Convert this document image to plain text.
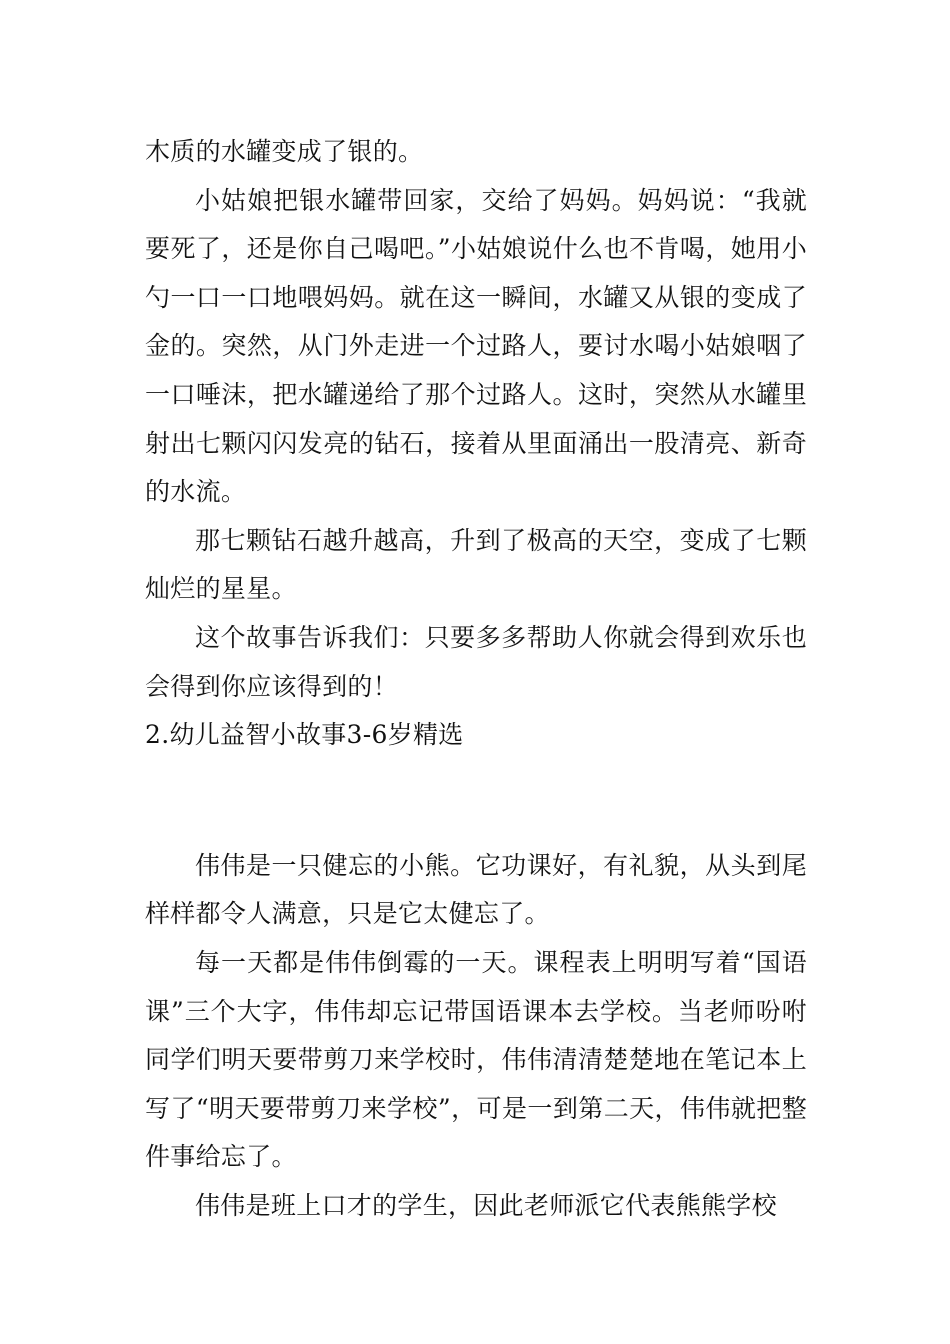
木质的水罐变成了银的。

小姑娘把银水罐带回家，交给了妈妈。妈妈说：“我就要死了，还是你自己喝吧。”小姑娘说什么也不肯喝，她用小勺一口一口地喂妈妈。就在这一瞬间，水罐又从银的变成了金的。突然，从门外走进一个过路人，要讨水喝小姑娘咽了一口唾沫，把水罐递给了那个过路人。这时，突然从水罐里射出七颗闪闪发亮的钻石，接着从里面涌出一股清亮、新奇的水流。

那七颗钻石越升越高，升到了极高的天空，变成了七颗灿烂的星星。

这个故事告诉我们：只要多多帮助人你就会得到欢乐也会得到你应该得到的！

2.幼儿益智小故事3-6岁精选

伟伟是一只健忘的小熊。它功课好，有礼貌，从头到尾样样都令人满意，只是它太健忘了。

每一天都是伟伟倒霉的一天。课程表上明明写着“国语课”三个大字，伟伟却忘记带国语课本去学校。当老师吩咐同学们明天要带剪刀来学校时，伟伟清清楚楚地在笔记本上写了“明天要带剪刀来学校”，可是一到第二天，伟伟就把整件事给忘了。

伟伟是班上口才的学生，因此老师派它代表熊熊学校
